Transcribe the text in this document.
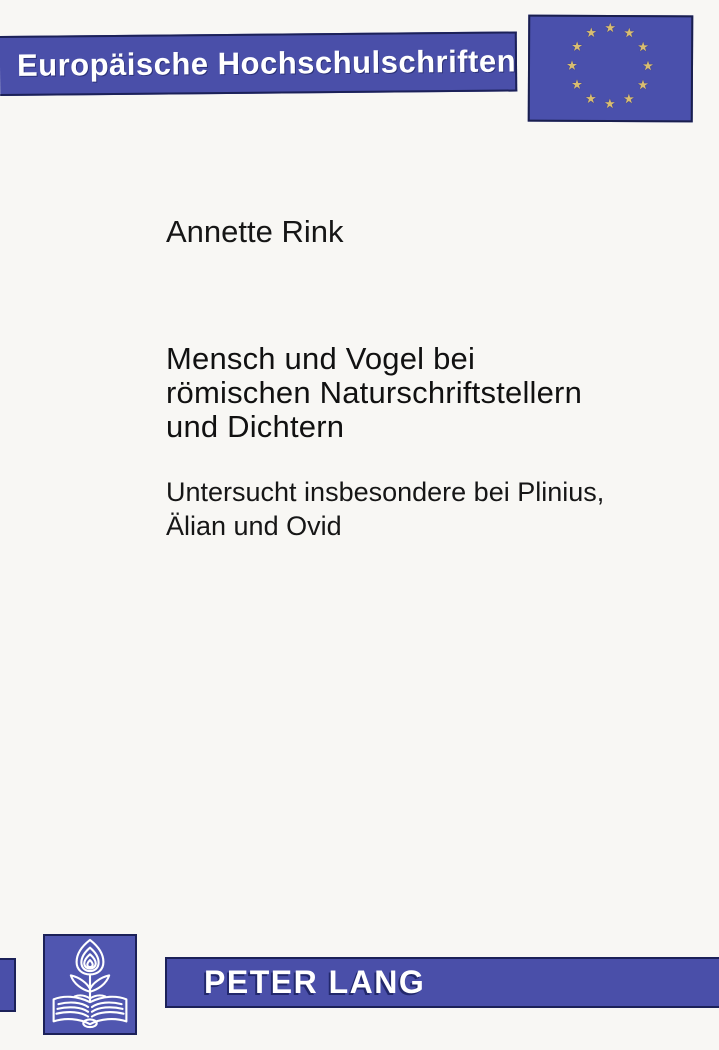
Europäische Hochschulschriften
★ ★
★
★
★
★
★
★
★
★
★
★
Annette Rink
Mensch und Vogel bei
römischen Naturschriftstellern
und Dichtern
Untersucht insbesondere bei Plinius,
Älian und Ovid
PETER LANG
